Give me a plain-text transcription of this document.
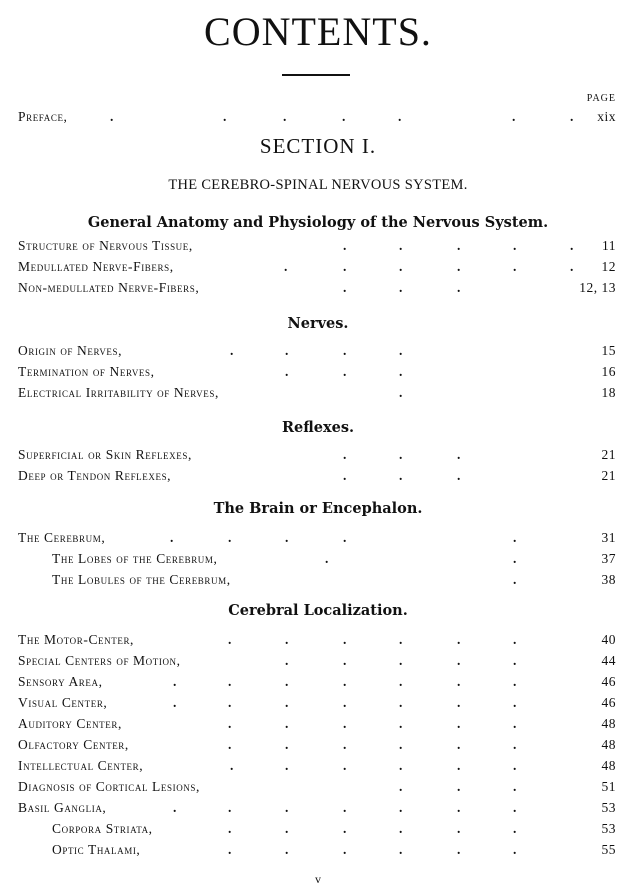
CONTENTS.
PAGE
Preface,	.	.	.	.	.	.	. xix
SECTION I.
THE CEREBRO-SPINAL NERVOUS SYSTEM.
General Anatomy and Physiology of the Nervous System.
Structure of Nervous Tissue,	.	.	.	.	. 11
Medullated Nerve-Fibers,	.	.	.	.	.	. 12
Non-medullated Nerve-Fibers,	.	.	.	12, 13
Nerves.
Origin of Nerves,	.	.	.	.	15
Termination of Nerves,	.	.	.	16
Electrical Irritability of Nerves,	.	18
Reflexes.
Superficial or Skin Reflexes,	.	.	.	21
Deep or Tendon Reflexes,	.	.	.	21
The Brain or Encephalon.
The Cerebrum,	.	.	.	.	.	31
The Lobes of the Cerebrum,	.	.	37
The Lobules of the Cerebrum,	.	38
Cerebral Localization.
The Motor-Center,	.	.	.	.	.	.	40
Special Centers of Motion,	.	.	.	.	.	44
Sensory Area,	.	.	.	.	.	.	.	46
Visual Center,	.	.	.	.	.	.	.	46
Auditory Center,	.	.	.	.	.	.	48
Olfactory Center,	.	.	.	.	.	.	48
Intellectual Center,	.	.	.	.	.	.	48
Diagnosis of Cortical Lesions,	.	.	.	51
Basil Ganglia,	.	.	.	.	.	.	.	53
Corpora Striata,	.	.	.	.	.	.	53
Optic Thalami,	.	.	.	.	.	.	55
v
